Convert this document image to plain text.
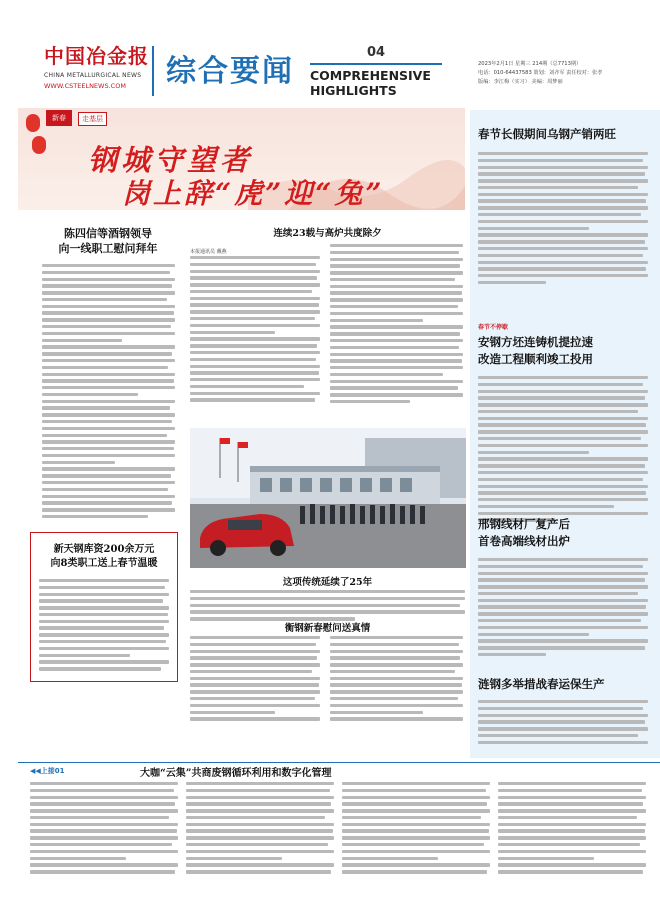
中国冶金报
CHINA METALLURGICAL NEWS
WWW.CSTEELNEWS.COM 综合要闻
04
COMPREHENSIVE
HIGHLIGHTS
2023年2月1日 星期三 214期（总7713期）
电话：010-64437583 策划：刘齐军 责任校对：张孝
版编：李江梅（实习） 美编：周梦丽
新春	走基层
钢城守望者
岗上辞“虎”迎“兔”
陈四信等酒钢领导
向一线职工慰问拜年
新天钢库资200余万元
向8类职工送上春节温暖
连续23载与高炉共度除夕
本报通讯员 戴燕
这项传统延续了25年
衡钢新春慰问送真情
春节长假期间乌钢产销两旺
春节不停歇
安钢方坯连铸机提拉速
改造工程顺利竣工投用
邢钢线材厂复产后
首卷高端线材出炉
涟钢多举措战春运保生产
◀◀上接01	大咖“云集”共商废钢循环利用和数字化管理
